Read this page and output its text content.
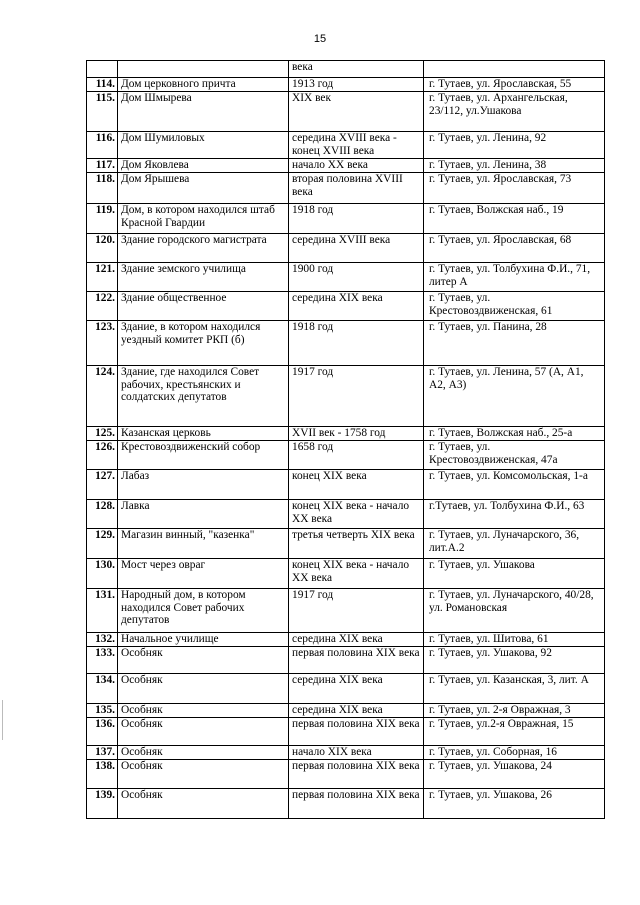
15
		века	
114.	Дом церковного причта	1913 год	г. Тутаев, ул. Ярославская, 55
115.	Дом Шмырева	XIX век	г. Тутаев, ул. Архангельская, 23/112, ул.Ушакова
116.	Дом Шумиловых	середина XVIII века - конец XVIII века	г. Тутаев, ул. Ленина, 92
117.	Дом Яковлева	начало XX века	г. Тутаев, ул. Ленина, 38
118.	Дом Ярышева	вторая половина XVIII века	г. Тутаев, ул. Ярославская, 73
119.	Дом, в котором находился штаб Красной Гвардии	1918 год	г. Тутаев, Волжская наб., 19
120.	Здание городского магистрата	середина XVIII века	г. Тутаев, ул. Ярославская, 68
121.	Здание земского училища	1900 год	г. Тутаев, ул. Толбухина Ф.И., 71, литер А
122.	Здание общественное	середина XIX века	г. Тутаев, ул. Крестовоздвиженская, 61
123.	Здание, в котором находился уездный комитет РКП (б)	1918 год	г. Тутаев, ул. Панина, 28
124.	Здание, где находился Совет рабочих, крестьянских и солдатских депутатов	1917 год	г. Тутаев, ул. Ленина, 57 (А, А1, А2, А3)
125.	Казанская церковь	XVII век - 1758 год	г. Тутаев, Волжская наб., 25-а
126.	Крестовоздвиженский собор	1658 год	г. Тутаев, ул. Крестовоздвиженская, 47а
127.	Лабаз	конец XIX века	г. Тутаев, ул. Комсомольская, 1-а
128.	Лавка	конец XIX века - начало XX века	г.Тутаев, ул. Толбухина Ф.И., 63
129.	Магазин винный, "казенка"	третья четверть XIX века	г. Тутаев, ул. Луначарского, 36, лит.А.2
130.	Мост через овраг	конец XIX века - начало XX века	г. Тутаев, ул. Ушакова
131.	Народный дом, в котором находился Совет рабочих депутатов	1917 год	г. Тутаев, ул. Луначарского, 40/28, ул. Романовская
132.	Начальное училище	середина XIX века	г. Тутаев, ул. Шитова, 61
133.	Особняк	первая половина XIX века	г. Тутаев, ул. Ушакова, 92
134.	Особняк	середина XIX века	г. Тутаев, ул. Казанская, 3, лит. А
135.	Особняк	середина XIX века	г. Тутаев, ул. 2-я Овражная, 3
136.	Особняк	первая половина XIX века	г. Тутаев, ул.2-я Овражная, 15
137.	Особняк	начало XIX века	г. Тутаев, ул. Соборная, 16
138.	Особняк	первая половина XIX века	г. Тутаев, ул. Ушакова, 24
139.	Особняк	первая половина XIX века	г. Тутаев, ул. Ушакова, 26
